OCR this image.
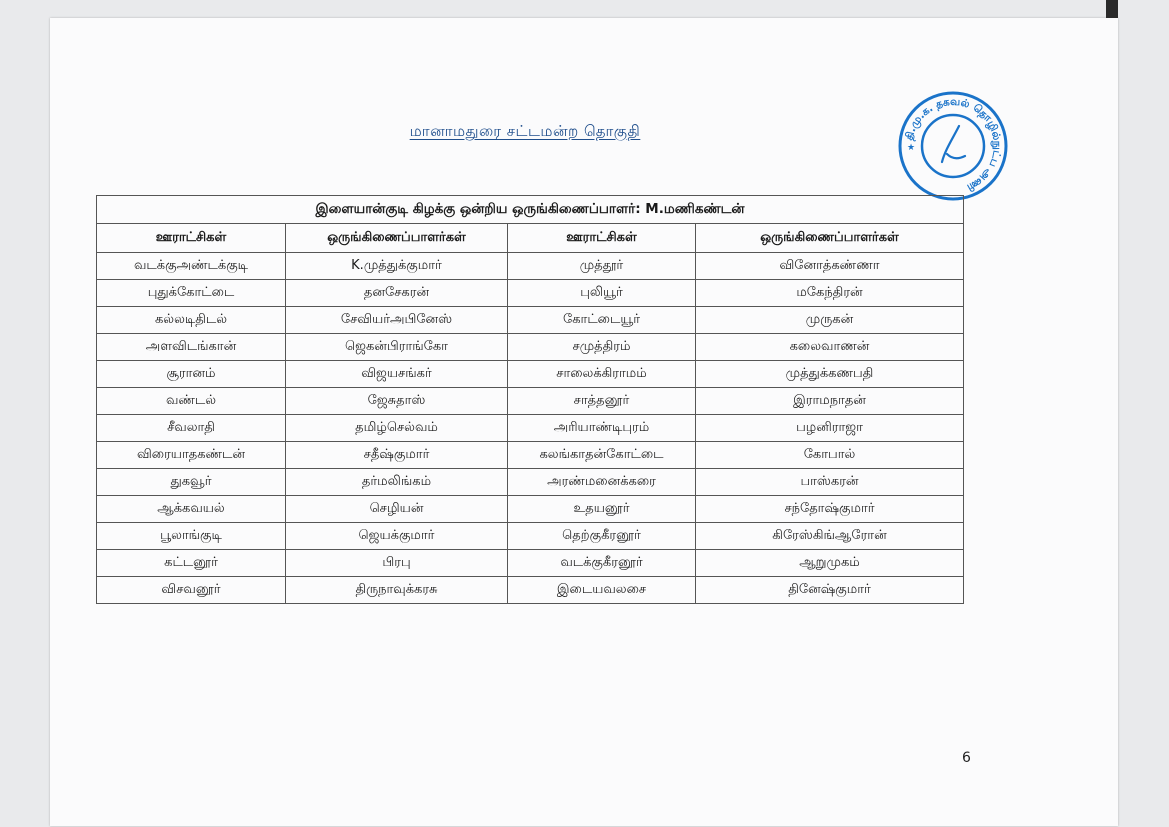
மானாமதுரை சட்டமன்ற தொகுதி	தி.மு.க. தகவல் தொழில்நுட்ப அணி
★
இளையான்குடி கிழக்கு ஒன்றிய ஒருங்கிணைப்பாளர்: M.மணிகண்டன்			
ஊராட்சிகள்	ஒருங்கிணைப்பாளர்கள்	ஊராட்சிகள்	ஒருங்கிணைப்பாளர்கள்
வடக்குஅண்டக்குடி	K.முத்துக்குமார்	முத்தூர்	வினோத்கண்ணா
புதுக்கோட்டை	தனசேகரன்	புலியூர்	மகேந்திரன்
கல்லடிதிடல்	சேவியர்அபினேஸ்	கோட்டையூர்	முருகன்
அளவிடங்கான்	ஜெகன்பிராங்கோ	சமுத்திரம்	கலைவாணன்
சூரானம்	விஜயசங்கர்	சாலைக்கிராமம்	முத்துக்கணபதி
வண்டல்	ஜேசுதாஸ்	சாத்தனூர்	இராமநாதன்
சீவலாதி	தமிழ்செல்வம்	அரியாண்டிபுரம்	பழனிராஜா
விரையாதகண்டன்	சதீஷ்குமார்	கலங்காதன்கோட்டை	கோபால்
துகவூர்	தர்மலிங்கம்	அரண்மனைக்கரை	பாஸ்கரன்
ஆக்கவயல்	செழியன்	உதயனூர்	சந்தோஷ்குமார்
பூலாங்குடி	ஜெயக்குமார்	தெற்குகீரனூர்	கிரேஸ்கிங்ஆரோன்
கட்டனூர்	பிரபு	வடக்குகீரனூர்	ஆறுமுகம்
விசவனூர்	திருநாவுக்கரசு	இடையவலசை	தினேஷ்குமார்
6
